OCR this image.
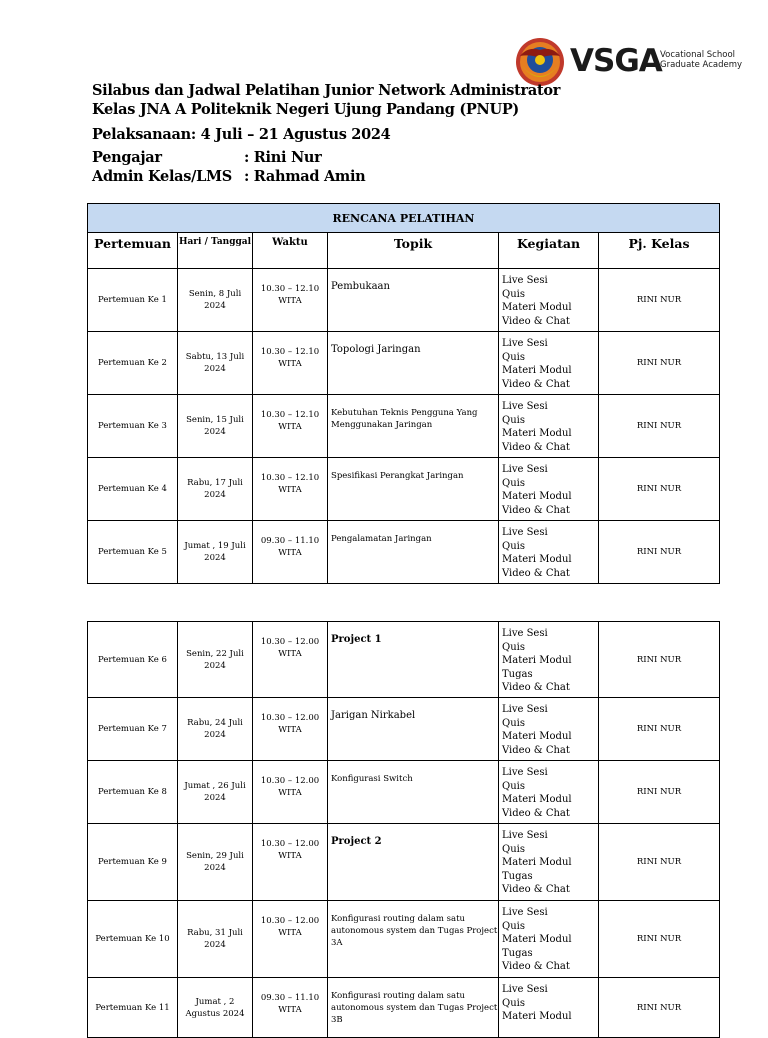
VSGA
Vocational School
Graduate Academy
Silabus dan Jadwal Pelatihan Junior Network Administrator
Kelas JNA A Politeknik Negeri Ujung Pandang (PNUP)
Pelaksanaan: 4 Juli – 21 Agustus 2024
Pengajar	: Rini Nur
Admin Kelas/LMS : Rahmad Amin
RENCANA PELATIHAN					
Pertemuan	Hari / Tanggal	Waktu	Topik	Kegiatan	Pj. Kelas
Pertemuan Ke 1	Senin, 8 Juli 2024	10.30 – 12.10 WITA	Pembukaan	Live Sesi
Quis
Materi Modul
Video & Chat	RINI NUR
Pertemuan Ke 2	Sabtu, 13 Juli 2024	10.30 – 12.10 WITA	Topologi Jaringan	Live Sesi
Quis
Materi Modul
Video & Chat	RINI NUR
Pertemuan Ke 3	Senin, 15 Juli 2024	10.30 – 12.10 WITA	Kebutuhan Teknis Pengguna Yang Menggunakan Jaringan	Live Sesi
Quis
Materi Modul
Video & Chat	RINI NUR
Pertemuan Ke 4	Rabu, 17 Juli 2024	10.30 – 12.10 WITA	Spesifikasi Perangkat Jaringan	Live Sesi
Quis
Materi Modul
Video & Chat	RINI NUR
Pertemuan Ke 5	Jumat , 19 Juli 2024	09.30 – 11.10 WITA	Pengalamatan Jaringan	Live Sesi
Quis
Materi Modul
Video & Chat	RINI NUR
Pertemuan Ke 6	Senin, 22 Juli 2024	10.30 – 12.00 WITA	Project 1	Live Sesi
Quis
Materi Modul
Tugas
Video & Chat	RINI NUR
Pertemuan Ke 7	Rabu, 24 Juli 2024	10.30 – 12.00 WITA	Jarigan Nirkabel	Live Sesi
Quis
Materi Modul
Video & Chat	RINI NUR
Pertemuan Ke 8	Jumat , 26 Juli 2024	10.30 – 12.00 WITA	Konfigurasi Switch	Live Sesi
Quis
Materi Modul
Video & Chat	RINI NUR
Pertemuan Ke 9	Senin, 29 Juli 2024	10.30 – 12.00 WITA	Project 2	Live Sesi
Quis
Materi Modul
Tugas
Video & Chat	RINI NUR
Pertemuan Ke 10	Rabu, 31 Juli 2024	10.30 – 12.00 WITA	Konfigurasi routing dalam satu autonomous system dan Tugas Project 3A	Live Sesi
Quis
Materi Modul
Tugas
Video & Chat	RINI NUR
Pertemuan Ke 11	Jumat , 2 Agustus 2024	09.30 – 11.10 WITA	Konfigurasi routing dalam satu autonomous system dan Tugas Project 3B	Live Sesi
Quis
Materi Modul	RINI NUR
